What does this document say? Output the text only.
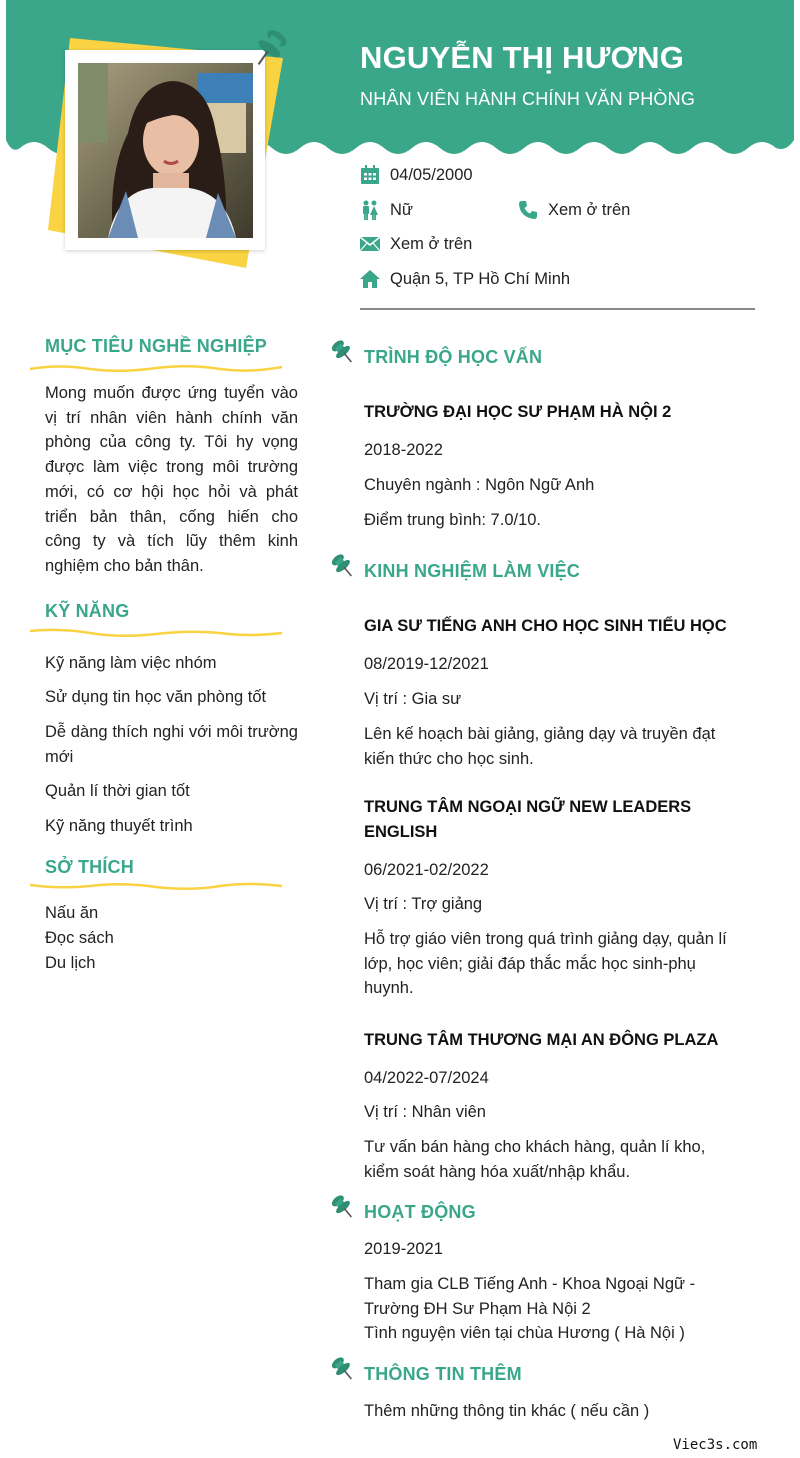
NGUYỄN THỊ HƯƠNG
NHÂN VIÊN HÀNH CHÍNH VĂN PHÒNG
04/05/2000
Nữ	Xem ở trên
Xem ở trên
Quận 5, TP Hồ Chí Minh
MỤC TIÊU NGHỀ NGHIỆP
Mong muốn được ứng tuyển vào vị trí nhân viên hành chính văn phòng của công ty. Tôi hy vọng được làm việc trong môi trường mới, có cơ hội học hỏi và phát triển bản thân, cống hiến cho công ty và tích lũy thêm kinh nghiệm cho bản thân.
KỸ NĂNG
Kỹ năng làm việc nhóm
Sử dụng tin học văn phòng tốt
Dễ dàng thích nghi với môi trường mới
Quản lí thời gian tốt
Kỹ năng thuyết trình
SỞ THÍCH
Nấu ăn
Đọc sách
Du lịch
TRÌNH ĐỘ HỌC VẤN
TRƯỜNG ĐẠI HỌC SƯ PHẠM HÀ NỘI 2
2018-2022
Chuyên ngành : Ngôn Ngữ Anh
Điểm trung bình: 7.0/10.
KINH NGHIỆM LÀM VIỆC
GIA SƯ TIẾNG ANH CHO HỌC SINH TIỂU HỌC
08/2019-12/2021
Vị trí : Gia sư
Lên kế hoạch bài giảng, giảng dạy và truyền đạt kiến thức cho học sinh.
TRUNG TÂM NGOẠI NGỮ NEW LEADERS ENGLISH
06/2021-02/2022
Vị trí : Trợ giảng
Hỗ trợ giáo viên trong quá trình giảng dạy, quản lí lớp, học viên; giải đáp thắc mắc học sinh-phụ huynh.
TRUNG TÂM THƯƠNG MẠI AN ĐÔNG PLAZA
04/2022-07/2024
Vị trí : Nhân viên
Tư vấn bán hàng cho khách hàng, quản lí kho, kiểm soát hàng hóa xuất/nhập khẩu.
HOẠT ĐỘNG
2019-2021
Tham gia CLB Tiếng Anh - Khoa Ngoại Ngữ - Trường ĐH Sư Phạm Hà Nội 2
Tình nguyện viên tại chùa Hương ( Hà Nội )
THÔNG TIN THÊM
Thêm những thông tin khác ( nếu cần )
Viec3s.com
